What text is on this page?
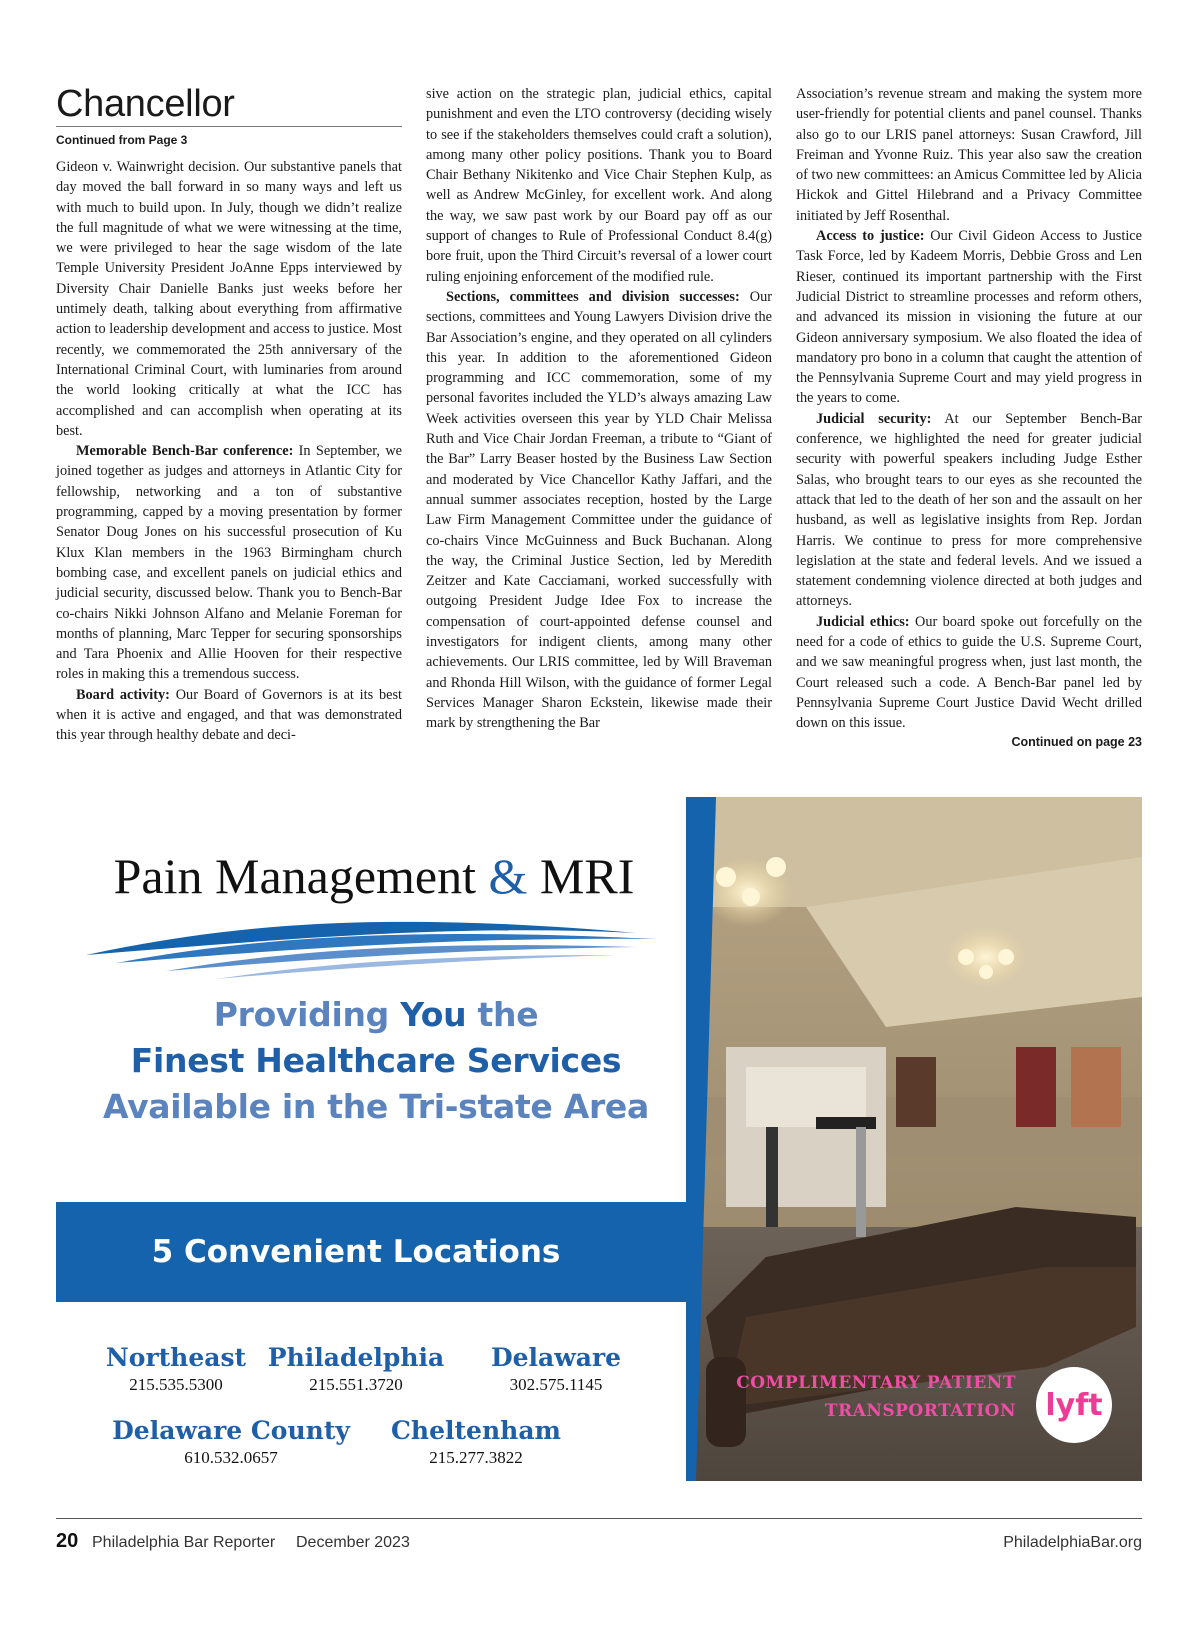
Chancellor
Continued from Page 3

Gideon v. Wainwright decision. Our substantive panels that day moved the ball forward in so many ways and left us with much to build upon. In July, though we didn’t realize the full magnitude of what we were witnessing at the time, we were privileged to hear the sage wisdom of the late Temple University President JoAnne Epps interviewed by Diversity Chair Danielle Banks just weeks before her untimely death, talking about everything from affirmative action to leadership development and access to justice. Most recently, we commemorated the 25th anniversary of the International Criminal Court, with luminaries from around the world looking critically at what the ICC has accomplished and can accomplish when operating at its best.

Memorable Bench-Bar conference: In September, we joined together as judges and attorneys in Atlantic City for fellowship, networking and a ton of substantive programming, capped by a moving presentation by former Senator Doug Jones on his successful prosecution of Ku Klux Klan members in the 1963 Birmingham church bombing case, and excellent panels on judicial ethics and judicial security, discussed below. Thank you to Bench-Bar co-chairs Nikki Johnson Alfano and Melanie Foreman for months of planning, Marc Tepper for securing sponsorships and Tara Phoenix and Allie Hooven for their respective roles in making this a tremendous success.

Board activity: Our Board of Governors is at its best when it is active and engaged, and that was demonstrated this year through healthy debate and deci-

sive action on the strategic plan, judicial ethics, capital punishment and even the LTO controversy (deciding wisely to see if the stakeholders themselves could craft a solution), among many other policy positions. Thank you to Board Chair Bethany Nikitenko and Vice Chair Stephen Kulp, as well as Andrew McGinley, for excellent work. And along the way, we saw past work by our Board pay off as our support of changes to Rule of Professional Conduct 8.4(g) bore fruit, upon the Third Circuit’s reversal of a lower court ruling enjoining enforcement of the modified rule.

Sections, committees and division successes: Our sections, committees and Young Lawyers Division drive the Bar Association’s engine, and they operated on all cylinders this year. In addition to the aforementioned Gideon programming and ICC commemoration, some of my personal favorites included the YLD’s always amazing Law Week activities overseen this year by YLD Chair Melissa Ruth and Vice Chair Jordan Freeman, a tribute to “Giant of the Bar” Larry Beaser hosted by the Business Law Section and moderated by Vice Chancellor Kathy Jaffari, and the annual summer associates reception, hosted by the Large Law Firm Management Committee under the guidance of co-chairs Vince McGuinness and Buck Buchanan. Along the way, the Criminal Justice Section, led by Meredith Zeitzer and Kate Cacciamani, worked successfully with outgoing President Judge Idee Fox to increase the compensation of court-appointed defense counsel and investigators for indigent clients, among many other achievements. Our LRIS committee, led by Will Braveman and Rhonda Hill Wilson, with the guidance of former Legal Services Manager Sharon Eckstein, likewise made their mark by strengthening the Bar

Association’s revenue stream and making the system more user-friendly for potential clients and panel counsel. Thanks also go to our LRIS panel attorneys: Susan Crawford, Jill Freiman and Yvonne Ruiz. This year also saw the creation of two new committees: an Amicus Committee led by Alicia Hickok and Gittel Hilebrand and a Privacy Committee initiated by Jeff Rosenthal.

Access to justice: Our Civil Gideon Access to Justice Task Force, led by Kadeem Morris, Debbie Gross and Len Rieser, continued its important partnership with the First Judicial District to streamline processes and reform others, and advanced its mission in visioning the future at our Gideon anniversary symposium. We also floated the idea of mandatory pro bono in a column that caught the attention of the Pennsylvania Supreme Court and may yield progress in the years to come.

Judicial security: At our September Bench-Bar conference, we highlighted the need for greater judicial security with powerful speakers including Judge Esther Salas, who brought tears to our eyes as she recounted the attack that led to the death of her son and the assault on her husband, as well as legislative insights from Rep. Jordan Harris. We continue to press for more comprehensive legislation at the state and federal levels. And we issued a statement condemning violence directed at both judges and attorneys.

Judicial ethics: Our board spoke out forcefully on the need for a code of ethics to guide the U.S. Supreme Court, and we saw meaningful progress when, just last month, the Court released such a code. A Bench-Bar panel led by Pennsylvania Supreme Court Justice David Wecht drilled down on this issue.

Continued on page 23
Pain Management & MRI
Providing You the
Finest Healthcare Services
Available in the Tri-state Area
5 Convenient Locations
Northeast
215.535.5300
Philadelphia
215.551.3720
Delaware
302.575.1145
Delaware County
610.532.0657
Cheltenham
215.277.3822
COMPLIMENTARY PATIENT
TRANSPORTATION lyft
20 Philadelphia Bar Reporter December 2023	PhiladelphiaBar.org
